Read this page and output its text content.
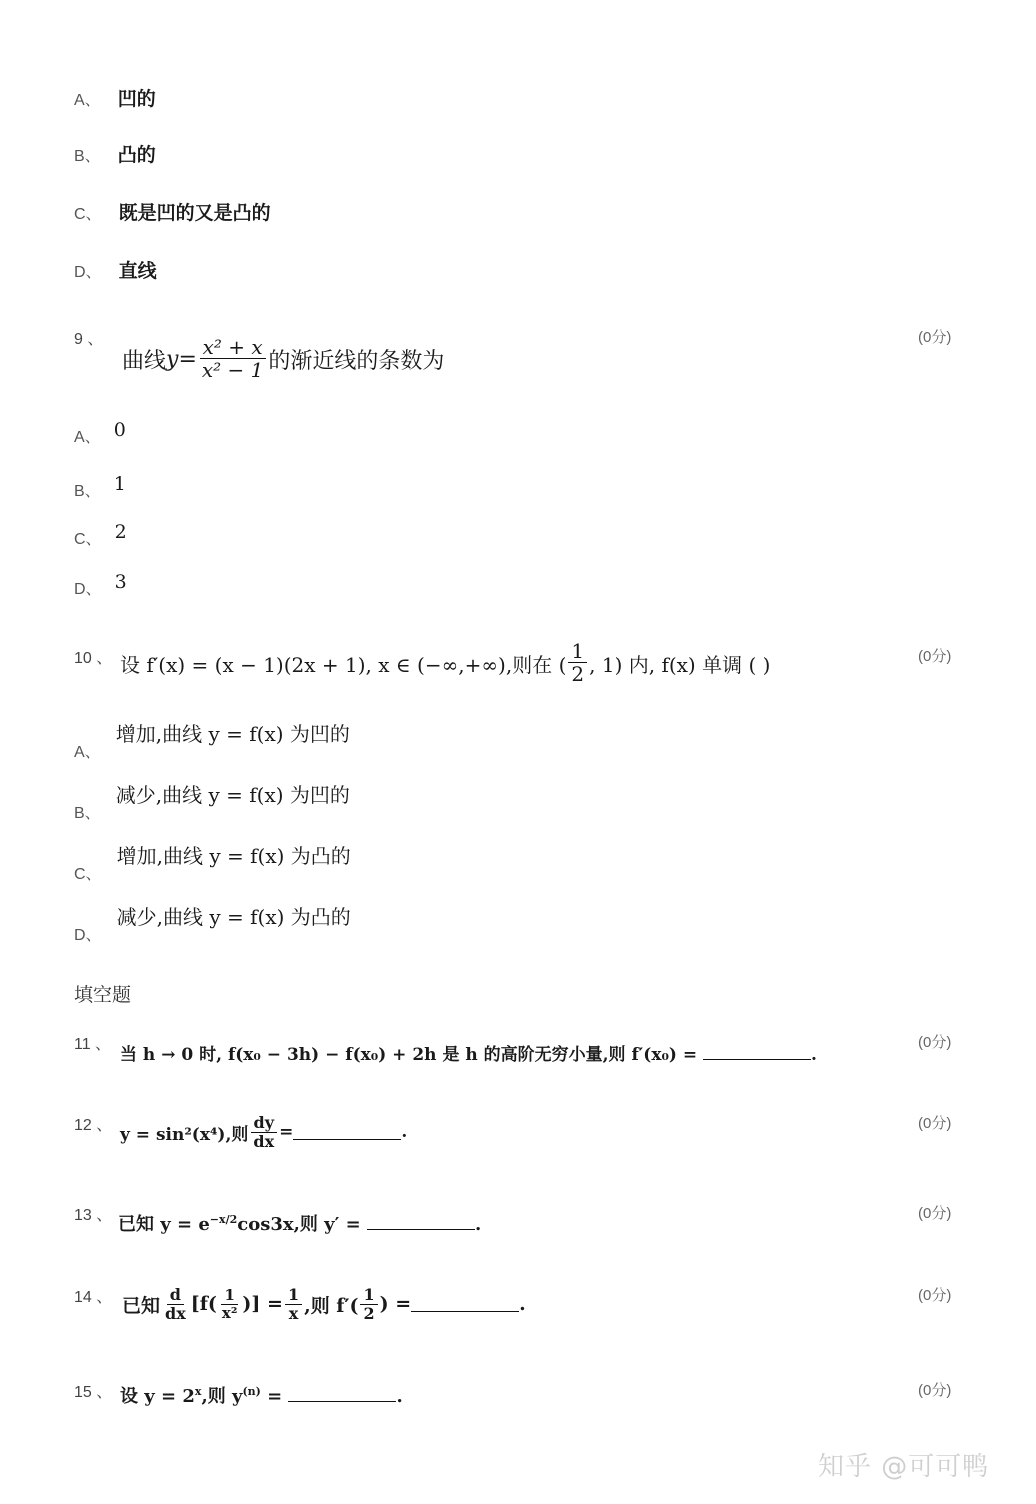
A、 凹的
B、 凸的
C、 既是凹的又是凸的
D、 直线
9 、	(0分)
曲线 $y = \frac{\text{x² + x}}{\text{x² − 1}}$ 的渐近线的条数为
A、 0
B、 1
C、 2
D、 3
10 、	(0分)
设 f′(x) = (x − 1)(2x + 1), x ∈ (−∞,+∞),则在 ( $\frac{1}{2}$ , 1) 内, f(x) 单调 ( )
A、 增加,曲线 y = f(x) 为凹的
B、 减少,曲线 y = f(x) 为凹的
C、 增加,曲线 y = f(x) 为凸的
D、 减少,曲线 y = f(x) 为凸的
填空题
11 、	(0分)
当 h → 0 时, f(x₀ − 3h) − f(x₀) + 2h 是 h 的高阶无穷小量,则 f′(x₀) =	.
12 、	(0分)
y = sin²(x⁴),则 $\frac{dy}{dx}$ =	.
13 、	(0分)
已知 $y = e^{-x/2}\cos 3x$,则 y′ =	.
14 、	(0分)
已知 $\frac{d}{dx} [f( \frac{1}{\text{x²}}$ )] = $\frac{1}{x}$ ,则 $f'( \frac{1}{2}$ ) =	.
15 、	(0分)
设 $y = 2^x$,则 $y^{(n)}$ =	.
知乎 @可可鸭
